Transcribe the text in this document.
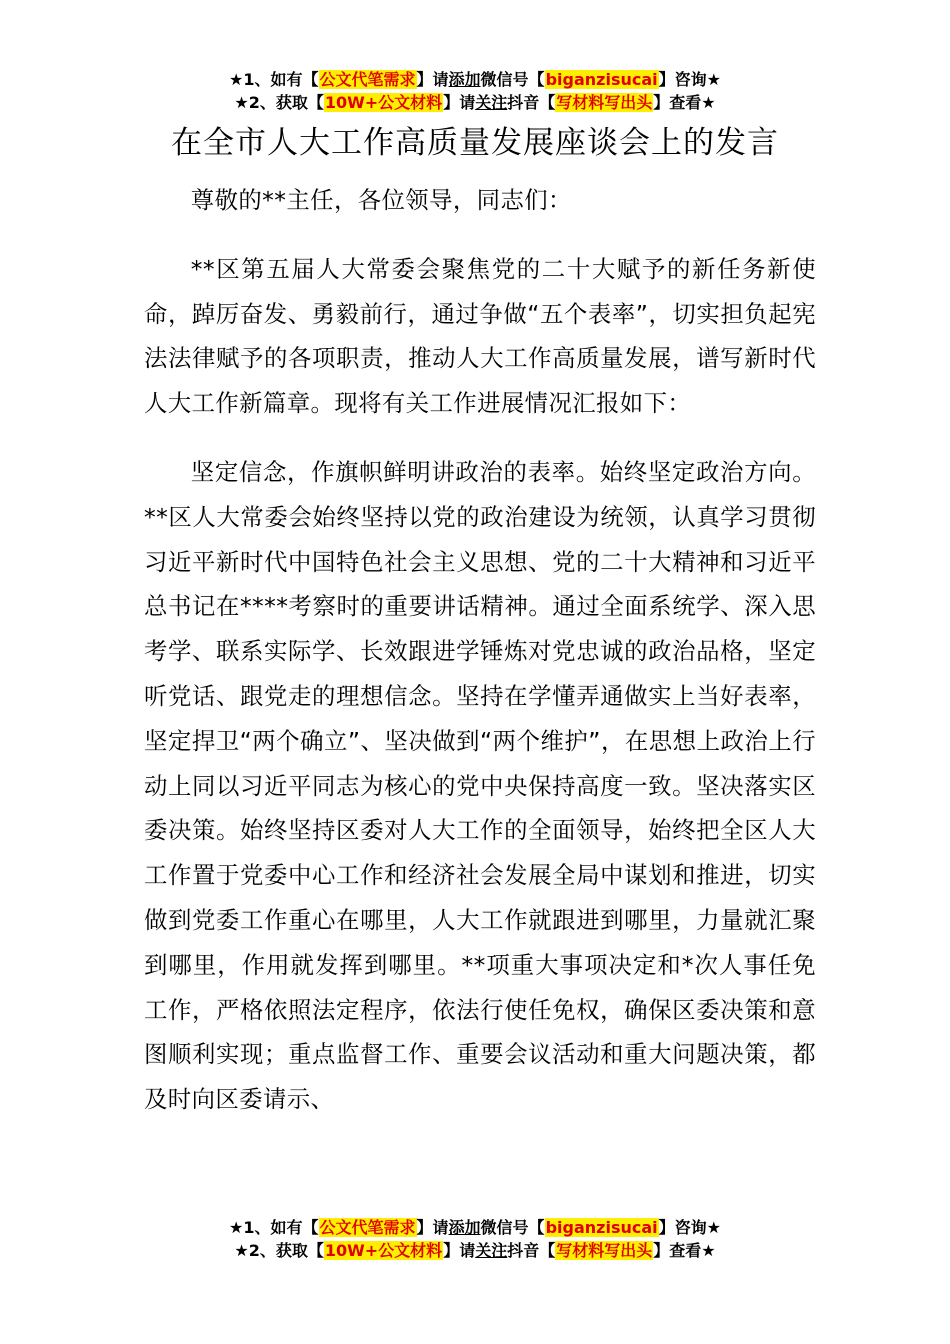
★1、如有【公文代笔需求】请添加微信号【biganzisucai】咨询★
★2、获取【10W+公文材料】请关注抖音【写材料写出头】查看★
在全市人大工作高质量发展座谈会上的发言

尊敬的**主任，各位领导，同志们：

**区第五届人大常委会聚焦党的二十大赋予的新任务新使命，踔厉奋发、勇毅前行，通过争做“五个表率”，切实担负起宪法法律赋予的各项职责，推动人大工作高质量发展，谱写新时代人大工作新篇章。现将有关工作进展情况汇报如下：

坚定信念，作旗帜鲜明讲政治的表率。始终坚定政治方向。**区人大常委会始终坚持以党的政治建设为统领，认真学习贯彻习近平新时代中国特色社会主义思想、党的二十大精神和习近平总书记在****考察时的重要讲话精神。通过全面系统学、深入思考学、联系实际学、长效跟进学锤炼对党忠诚的政治品格，坚定听党话、跟党走的理想信念。坚持在学懂弄通做实上当好表率，坚定捍卫“两个确立”、坚决做到“两个维护”，在思想上政治上行动上同以习近平同志为核心的党中央保持高度一致。坚决落实区委决策。始终坚持区委对人大工作的全面领导，始终把全区人大工作置于党委中心工作和经济社会发展全局中谋划和推进，切实做到党委工作重心在哪里，人大工作就跟进到哪里，力量就汇聚到哪里，作用就发挥到哪里。**项重大事项决定和*次人事任免工作，严格依照法定程序，依法行使任免权，确保区委决策和意图顺利实现；重点监督工作、重要会议活动和重大问题决策，都及时向区委请示、

★1、如有【公文代笔需求】请添加微信号【biganzisucai】咨询★
★2、获取【10W+公文材料】请关注抖音【写材料写出头】查看★
